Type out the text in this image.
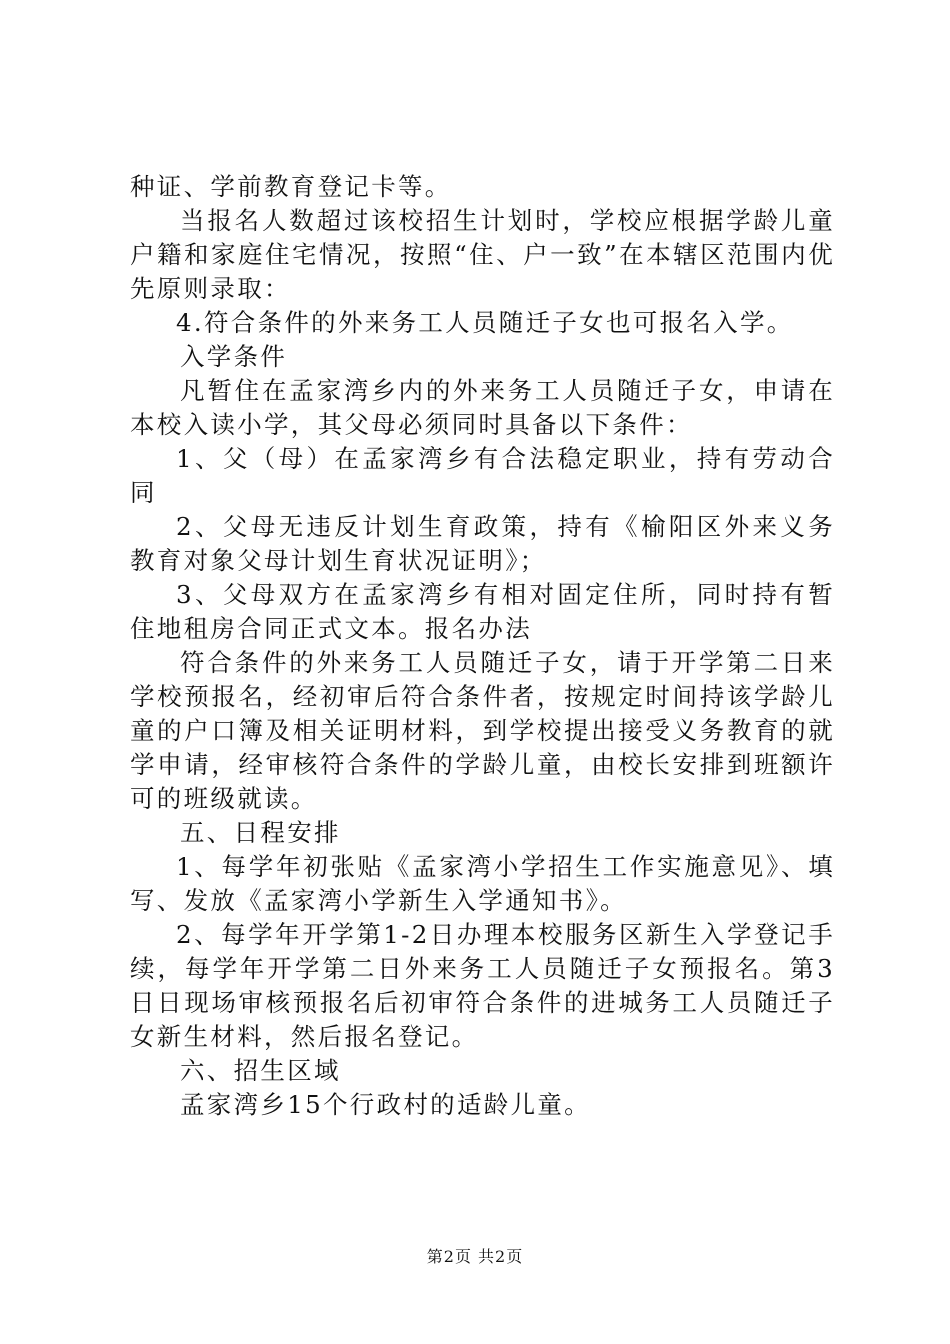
种证、学前教育登记卡等。

当报名人数超过该校招生计划时，学校应根据学龄儿童户籍和家庭住宅情况，按照“住、户一致”在本辖区范围内优先原则录取：

4.符合条件的外来务工人员随迁子女也可报名入学。

入学条件

凡暂住在孟家湾乡内的外来务工人员随迁子女，申请在本校入读小学，其父母必须同时具备以下条件：

1、父（母）在孟家湾乡有合法稳定职业，持有劳动合同

2、父母无违反计划生育政策，持有《榆阳区外来义务教育对象父母计划生育状况证明》；

3、父母双方在孟家湾乡有相对固定住所，同时持有暂住地租房合同正式文本。报名办法

符合条件的外来务工人员随迁子女，请于开学第二日来学校预报名，经初审后符合条件者，按规定时间持该学龄儿童的户口簿及相关证明材料，到学校提出接受义务教育的就学申请，经审核符合条件的学龄儿童，由校长安排到班额许可的班级就读。

五、日程安排

1、每学年初张贴《孟家湾小学招生工作实施意见》、填写、发放《孟家湾小学新生入学通知书》。

2、每学年开学第1-2日办理本校服务区新生入学登记手续，每学年开学第二日外来务工人员随迁子女预报名。第3日日现场审核预报名后初审符合条件的进城务工人员随迁子女新生材料，然后报名登记。

六、招生区域

孟家湾乡15个行政村的适龄儿童。

第2页 共2页
